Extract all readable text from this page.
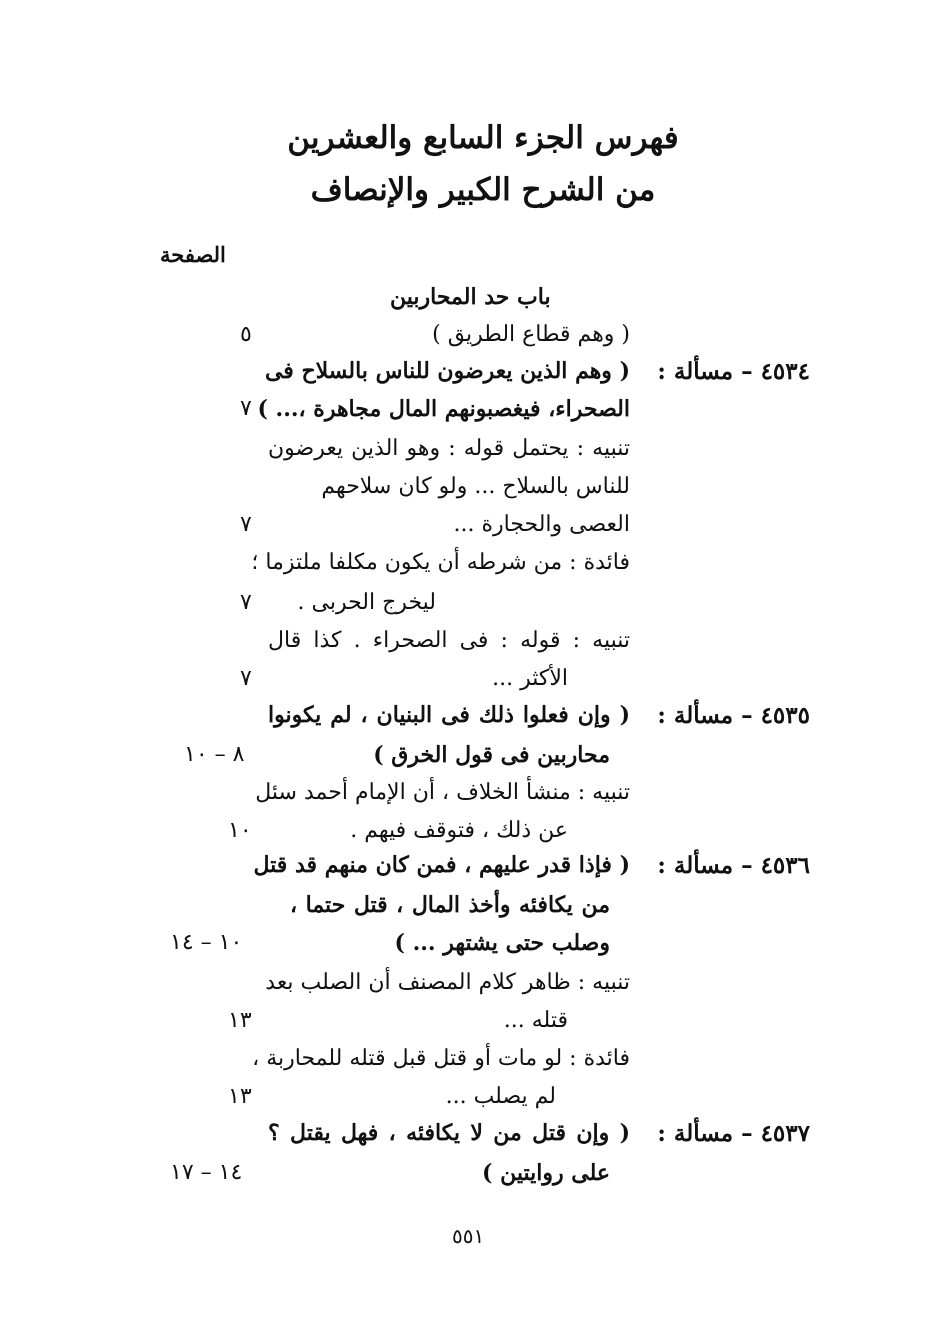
فهرس الجزء السابع والعشرين
من الشرح الكبير والإنصاف
الصفحة
باب حد المحاربين
( وهم قطاع الطريق )
٥
٤٥٣٤ – مسألة :
( وهم الذين يعرضون للناس بالسلاح فى
الصحراء، فيغصبونهم المال مجاهرة ،... )
٧
تنبيه : يحتمل قوله : وهو الذين يعرضون
للناس بالسلاح ... ولو كان سلاحهم
العصى والحجارة ...
٧
فائدة : من شرطه أن يكون مكلفا ملتزما ؛
ليخرج الحربى .
٧
تنبيه : قوله : فى الصحراء . كذا قال
الأكثر ...
٧
٤٥٣٥ – مسألة :
( وإن فعلوا ذلك فى البنيان ، لم يكونوا
محاربين فى قول الخرق )
٨ – ١٠
تنبيه : منشأ الخلاف ، أن الإمام أحمد سئل
عن ذلك ، فتوقف فيهم .
١٠
٤٥٣٦ – مسألة :
( فإذا قدر عليهم ، فمن كان منهم قد قتل
من يكافئه وأخذ المال ، قتل حتما ،
وصلب حتى يشتهر ... )
١٠ – ١٤
تنبيه : ظاهر كلام المصنف أن الصلب بعد
قتله ...
١٣
فائدة : لو مات أو قتل قبل قتله للمحاربة ،
لم يصلب ...
١٣
٤٥٣٧ – مسألة :
( وإن قتل من لا يكافئه ، فهل يقتل ؟
على روايتين )
١٤ – ١٧
٥٥١
